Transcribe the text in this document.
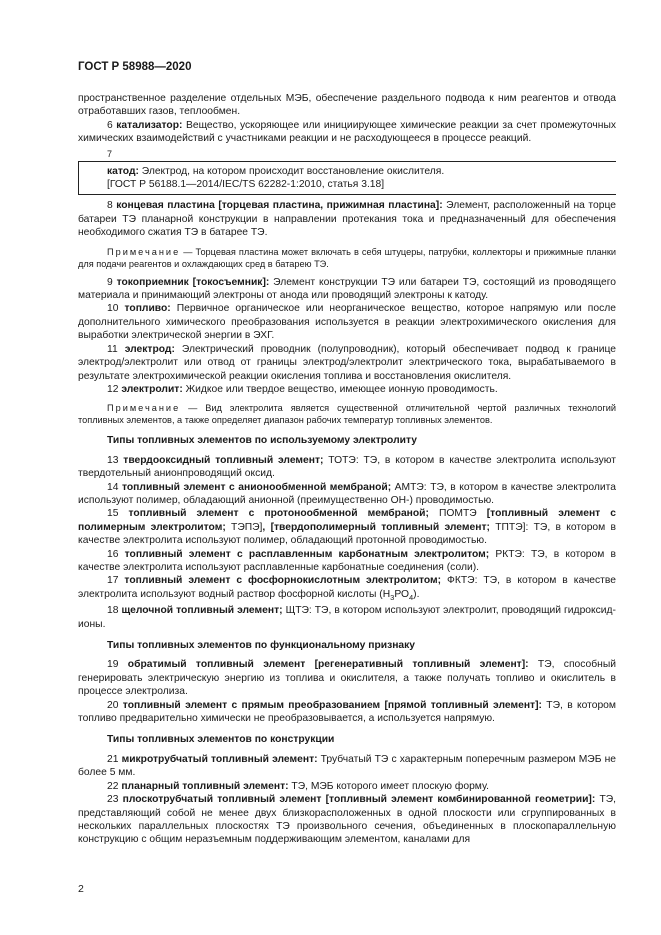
ГОСТ Р 58988—2020

пространственное разделение отдельных МЭБ, обеспечение раздельного подвода к ним реагентов и отвода отработавших газов, теплообмен.

6 катализатор: Вещество, ускоряющее или инициирующее химические реакции за счет промежуточных химических взаимодействий с участниками реакции и не расходующееся в процессе реакций.

7

катод: Электрод, на котором происходит восстановление окислителя.

[ГОСТ Р 56188.1—2014/IEC/TS 62282-1:2010, статья 3.18]

8 концевая пластина [торцевая пластина, прижимная пластина]: Элемент, расположенный на торце батареи ТЭ планарной конструкции в направлении протекания тока и предназначенный для обеспечения необходимого сжатия ТЭ в батарее ТЭ.

Примечание — Торцевая пластина может включать в себя штуцеры, патрубки, коллекторы и прижимные планки для подачи реагентов и охлаждающих сред в батарею ТЭ.

9 токоприемник [токосъемник]: Элемент конструкции ТЭ или батареи ТЭ, состоящий из проводящего материала и принимающий электроны от анода или проводящий электроны к катоду.

10 топливо: Первичное органическое или неорганическое вещество, которое напрямую или после дополнительного химического преобразования используется в реакции электрохимического окисления для выработки электрической энергии в ЭХГ.

11 электрод: Электрический проводник (полупроводник), который обеспечивает подвод к границе электрод/электролит или отвод от границы электрод/электролит электрического тока, вырабатываемого в результате электрохимической реакции окисления топлива и восстановления окислителя.

12 электролит: Жидкое или твердое вещество, имеющее ионную проводимость.

Примечание — Вид электролита является существенной отличительной чертой различных технологий топливных элементов, а также определяет диапазон рабочих температур топливных элементов.

Типы топливных элементов по используемому электролиту

13 твердооксидный топливный элемент; ТОТЭ: ТЭ, в котором в качестве электролита используют твердотельный анионпроводящий оксид.

14 топливный элемент с анионообменной мембраной; АМТЭ: ТЭ, в котором в качестве электролита используют полимер, обладающий анионной (преимущественно ОН-) проводимостью.

15 топливный элемент с протонообменной мембраной; ПОМТЭ [топливный элемент с полимерным электролитом; ТЭПЭ], [твердополимерный топливный элемент; ТПТЭ]: ТЭ, в котором в качестве электролита используют полимер, обладающий протонной проводимостью.

16 топливный элемент с расплавленным карбонатным электролитом; РКТЭ: ТЭ, в котором в качестве электролита используют расплавленные карбонатные соединения (соли).

17 топливный элемент с фосфорнокислотным электролитом; ФКТЭ: ТЭ, в котором в качестве электролита используют водный раствор фосфорной кислоты $(Н_3РО_4)$.

18 щелочной топливный элемент; ЩТЭ: ТЭ, в котором используют электролит, проводящий гидроксид-ионы.

Типы топливных элементов по функциональному признаку

19 обратимый топливный элемент [регенеративный топливный элемент]: ТЭ, способный генерировать электрическую энергию из топлива и окислителя, а также получать топливо и окислитель в процессе электролиза.

20 топливный элемент с прямым преобразованием [прямой топливный элемент]: ТЭ, в котором топливо предварительно химически не преобразовывается, а используется напрямую.

Типы топливных элементов по конструкции

21 микротрубчатый топливный элемент: Трубчатый ТЭ с характерным поперечным размером МЭБ не более 5 мм.

22 планарный топливный элемент: ТЭ, МЭБ которого имеет плоскую форму.

23 плоскотрубчатый топливный элемент [топливный элемент комбинированной геометрии]: ТЭ, представляющий собой не менее двух близкорасположенных в одной плоскости или сгруппированных в нескольких параллельных плоскостях ТЭ произвольного сечения, объединенных в плоскопараллельную конструкцию с общим неразъемным поддерживающим элементом, каналами для

2
